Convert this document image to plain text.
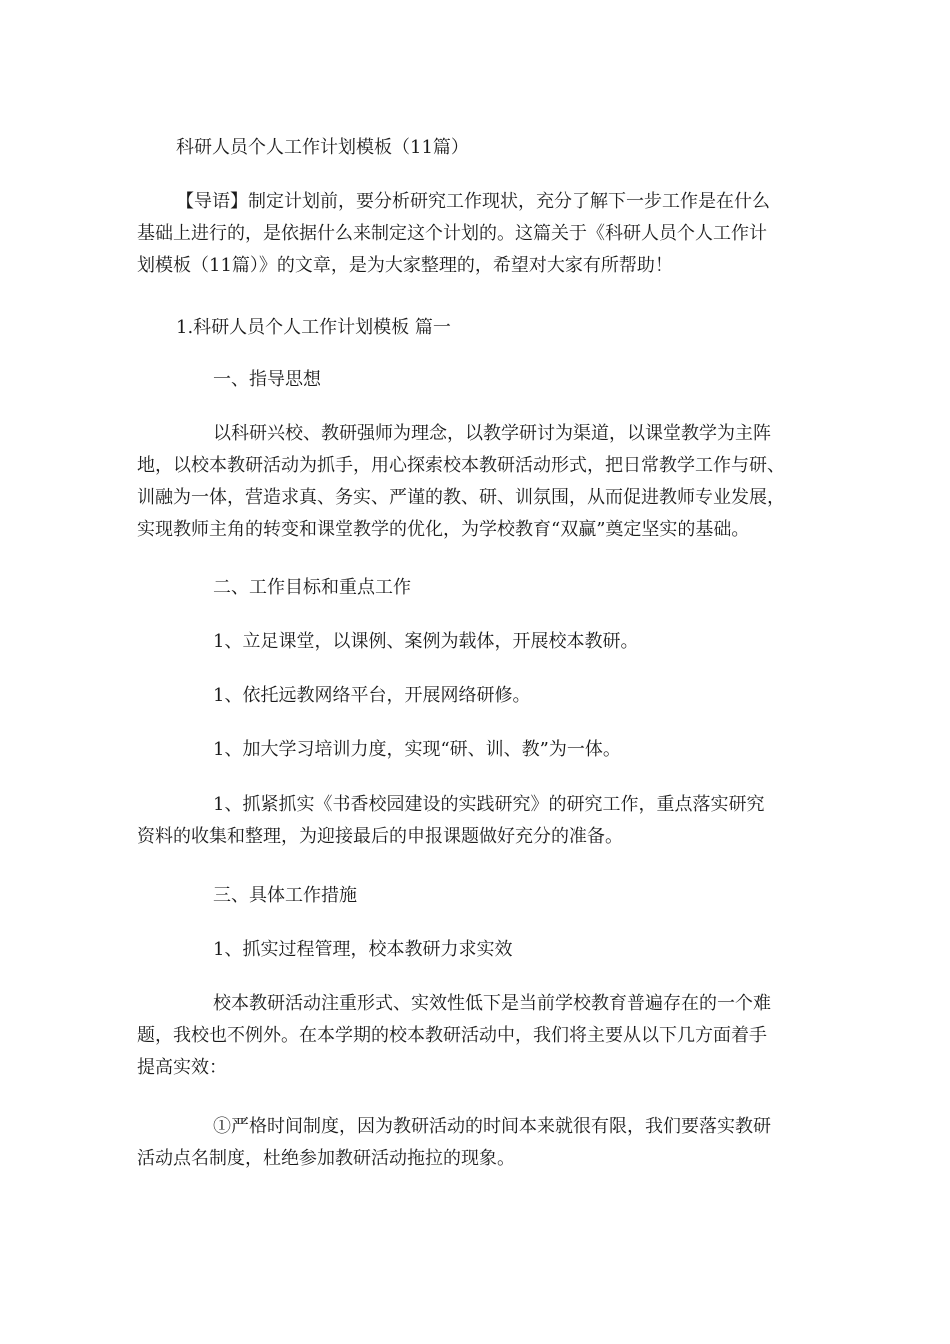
科研人员个人工作计划模板（11篇）

【导语】制定计划前，要分析研究工作现状，充分了解下一步工作是在什么
基础上进行的，是依据什么来制定这个计划的。这篇关于《科研人员个人工作计
划模板（11篇）》的文章，是为大家整理的，希望对大家有所帮助！

1.科研人员个人工作计划模板 篇一

一、指导思想

以科研兴校、教研强师为理念，以教学研讨为渠道，以课堂教学为主阵
地，以校本教研活动为抓手，用心探索校本教研活动形式，把日常教学工作与研、
训融为一体，营造求真、务实、严谨的教、研、训氛围，从而促进教师专业发展，
实现教师主角的转变和课堂教学的优化，为学校教育“双赢”奠定坚实的基础。

二、工作目标和重点工作

1、立足课堂，以课例、案例为载体，开展校本教研。

1、依托远教网络平台，开展网络研修。

1、加大学习培训力度，实现“研、训、教”为一体。

1、抓紧抓实《书香校园建设的实践研究》的研究工作，重点落实研究
资料的收集和整理，为迎接最后的申报课题做好充分的准备。

三、具体工作措施

1、抓实过程管理，校本教研力求实效

校本教研活动注重形式、实效性低下是当前学校教育普遍存在的一个难
题，我校也不例外。在本学期的校本教研活动中，我们将主要从以下几方面着手
提高实效：
①严格时间制度，因为教研活动的时间本来就很有限，我们要落实教研
活动点名制度，杜绝参加教研活动拖拉的现象。
